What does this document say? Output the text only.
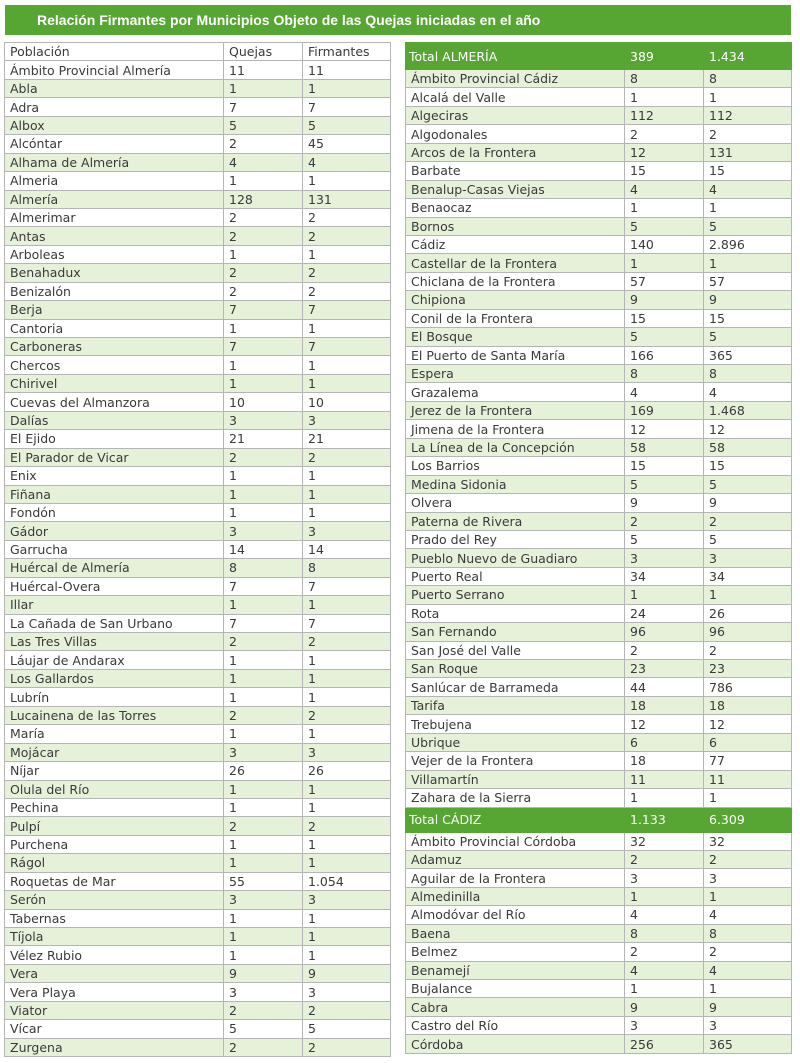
Relación Firmantes por Municipios Objeto de las Quejas iniciadas en el año
Población	Quejas	Firmantes
Ámbito Provincial Almería	11	11
Abla	1	1
Adra	7	7
Albox	5	5
Alcóntar	2	45
Alhama de Almería	4	4
Almeria	1	1
Almería	128	131
Almerimar	2	2
Antas	2	2
Arboleas	1	1
Benahadux	2	2
Benizalón	2	2
Berja	7	7
Cantoria	1	1
Carboneras	7	7
Chercos	1	1
Chirivel	1	1
Cuevas del Almanzora	10	10
Dalías	3	3
El Ejido	21	21
El Parador de Vicar	2	2
Enix	1	1
Fiñana	1	1
Fondón	1	1
Gádor	3	3
Garrucha	14	14
Huércal de Almería	8	8
Huércal-Overa	7	7
Illar	1	1
La Cañada de San Urbano	7	7
Las Tres Villas	2	2
Láujar de Andarax	1	1
Los Gallardos	1	1
Lubrín	1	1
Lucainena de las Torres	2	2
María	1	1
Mojácar	3	3
Níjar	26	26
Olula del Río	1	1
Pechina	1	1
Pulpí	2	2
Purchena	1	1
Rágol	1	1
Roquetas de Mar	55	1.054
Serón	3	3
Tabernas	1	1
Tíjola	1	1
Vélez Rubio	1	1
Vera	9	9
Vera Playa	3	3
Viator	2	2
Vícar	5	5
Zurgena	2	2
Total ALMERÍA	389	1.434
Ámbito Provincial Cádiz	8	8
Alcalá del Valle	1	1
Algeciras	112	112
Algodonales	2	2
Arcos de la Frontera	12	131
Barbate	15	15
Benalup-Casas Viejas	4	4
Benaocaz	1	1
Bornos	5	5
Cádiz	140	2.896
Castellar de la Frontera	1	1
Chiclana de la Frontera	57	57
Chipiona	9	9
Conil de la Frontera	15	15
El Bosque	5	5
El Puerto de Santa María	166	365
Espera	8	8
Grazalema	4	4
Jerez de la Frontera	169	1.468
Jimena de la Frontera	12	12
La Línea de la Concepción	58	58
Los Barrios	15	15
Medina Sidonia	5	5
Olvera	9	9
Paterna de Rivera	2	2
Prado del Rey	5	5
Pueblo Nuevo de Guadiaro	3	3
Puerto Real	34	34
Puerto Serrano	1	1
Rota	24	26
San Fernando	96	96
San José del Valle	2	2
San Roque	23	23
Sanlúcar de Barrameda	44	786
Tarifa	18	18
Trebujena	12	12
Ubrique	6	6
Vejer de la Frontera	18	77
Villamartín	11	11
Zahara de la Sierra	1	1
Total CÁDIZ	1.133	6.309
Ámbito Provincial Córdoba	32	32
Adamuz	2	2
Aguilar de la Frontera	3	3
Almedinilla	1	1
Almodóvar del Río	4	4
Baena	8	8
Belmez	2	2
Benamejí	4	4
Bujalance	1	1
Cabra	9	9
Castro del Río	3	3
Córdoba	256	365
